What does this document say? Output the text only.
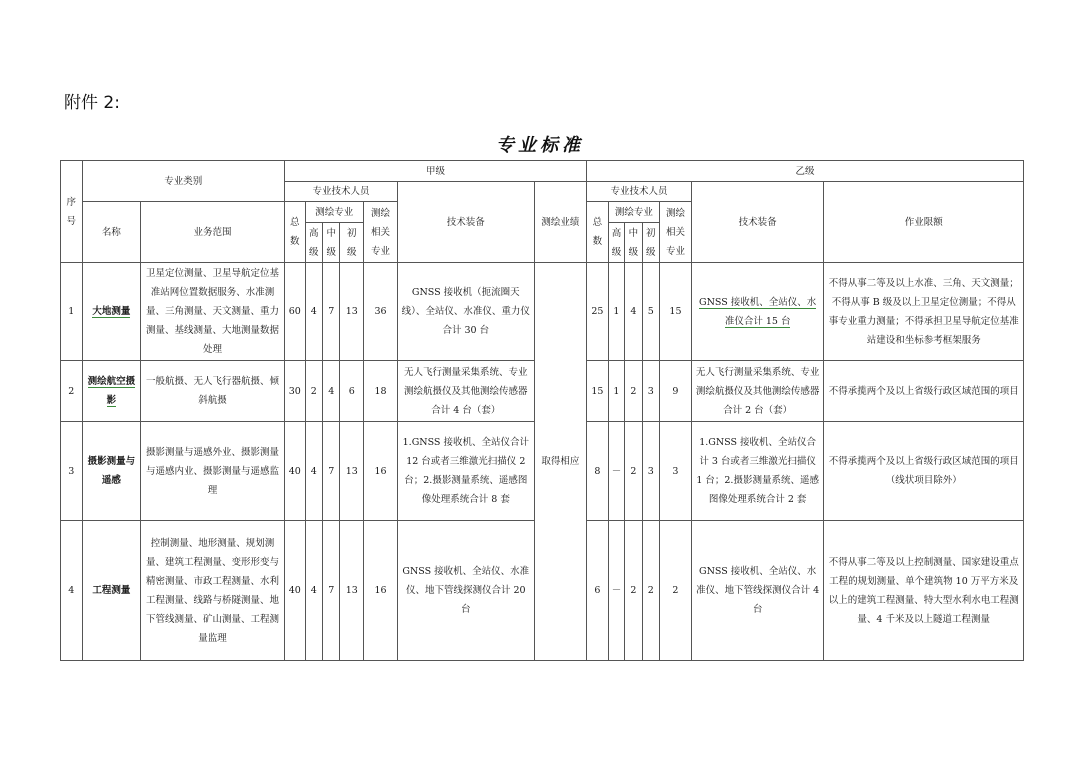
附件 2:
专业标准
序号	专业类别		甲级							乙级						
			专业技术人员					技术装备	测绘业绩	专业技术人员					技术装备	作业限额
	名称	业务范围	总数	测绘专业			测绘相关专业			总数	测绘专业			测绘相关专业		
				高级	中级	初级					高级	中级	初级			
1	大地测量	卫星定位测量、卫星导航定位基准站网位置数据服务、水准测量、三角测量、天文测量、重力测量、基线测量、大地测量数据处理	60	4	7	13	36	GNSS 接收机（扼流圈天线）、全站仪、水准仪、重力仪合计 30 台	取得相应	25	1	4	5	15	GNSS 接收机、全站仪、水准仪合计 15 台	不得从事二等及以上水准、三角、天文测量；不得从事 B 级及以上卫星定位测量；不得从事专业重力测量；不得承担卫星导航定位基准站建设和坐标参考框架服务
2	测绘航空摄影	一般航摄、无人飞行器航摄、倾斜航摄	30	2	4	6	18	无人飞行测量采集系统、专业测绘航摄仪及其他测绘传感器合计 4 台（套）		15	1	2	3	9	无人飞行测量采集系统、专业测绘航摄仪及其他测绘传感器合计 2 台（套）	不得承揽两个及以上省级行政区域范围的项目
3	摄影测量与遥感	摄影测量与遥感外业、摄影测量与遥感内业、摄影测量与遥感监理	40	4	7	13	16	1.GNSS 接收机、全站仪合计 12 台或者三维激光扫描仪 2 台；2.摄影测量系统、遥感图像处理系统合计 8 套		8	－	2	3	3	1.GNSS 接收机、全站仪合计 3 台或者三维激光扫描仪 1 台；2.摄影测量系统、遥感图像处理系统合计 2 套	不得承揽两个及以上省级行政区域范围的项目（线状项目除外）
4	工程测量	控制测量、地形测量、规划测量、建筑工程测量、变形形变与精密测量、市政工程测量、水利工程测量、线路与桥隧测量、地下管线测量、矿山测量、工程测量监理	40	4	7	13	16	GNSS 接收机、全站仪、水准仪、地下管线探测仪合计 20 台		6	－	2	2	2	GNSS 接收机、全站仪、水准仪、地下管线探测仪合计 4 台	不得从事二等及以上控制测量、国家建设重点工程的规划测量、单个建筑物 10 万平方米及以上的建筑工程测量、特大型水利水电工程测量、4 千米及以上隧道工程测量
